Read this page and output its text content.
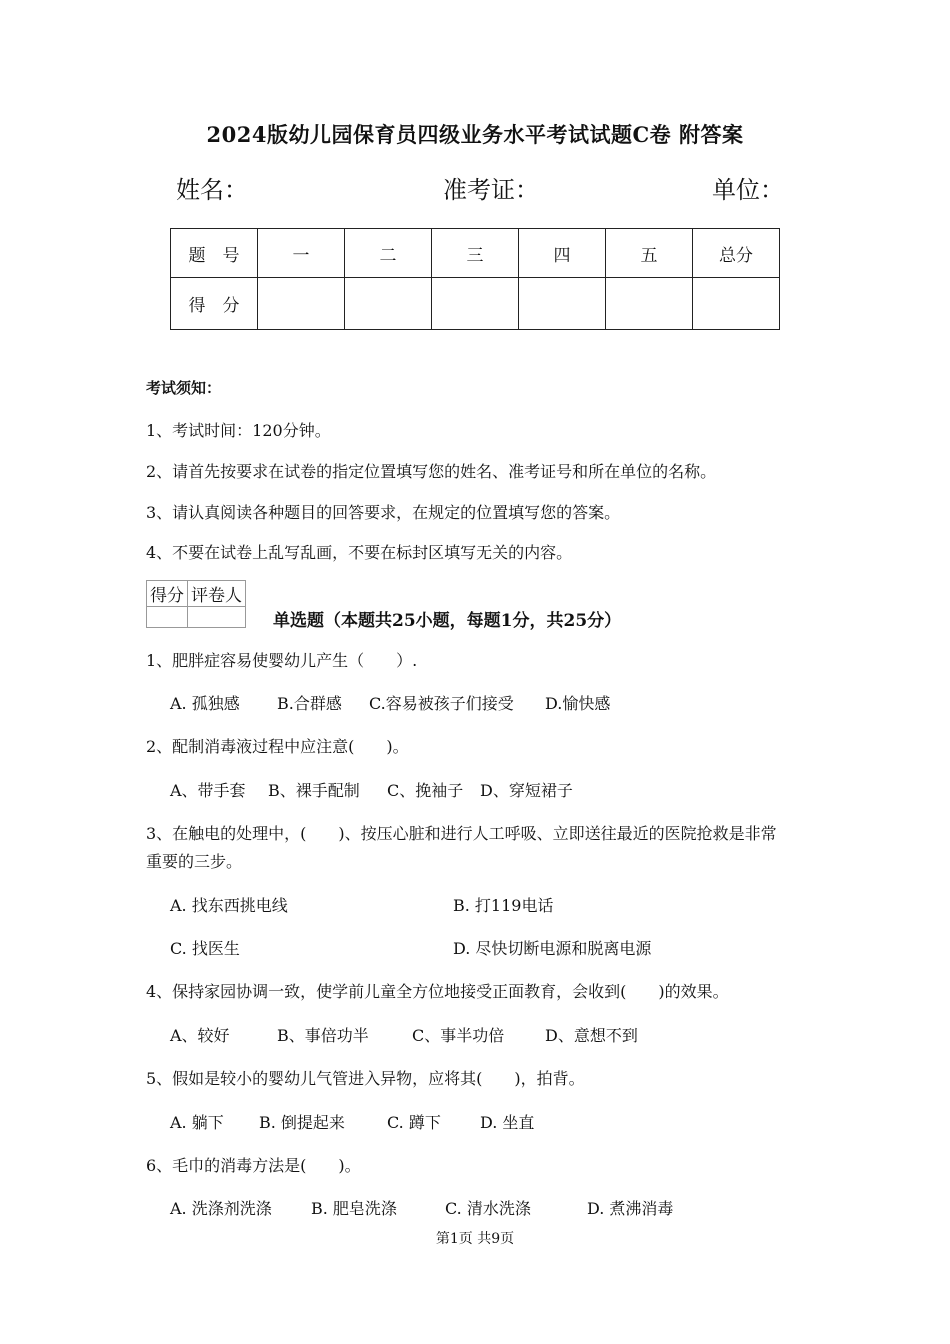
2024版幼儿园保育员四级业务水平考试试题C卷 附答案
姓名：	准考证：	单位：
题　号	一	二	三	四	五	总分
得　分						
考试须知：
1、考试时间：120分钟。
2、请首先按要求在试卷的指定位置填写您的姓名、准考证号和所在单位的名称。
3、请认真阅读各种题目的回答要求，在规定的位置填写您的答案。
4、不要在试卷上乱写乱画，不要在标封区填写无关的内容。
得分	评卷人

单选题（本题共25小题，每题1分，共25分）
1、肥胖症容易使婴幼儿产生（　　）.
A. 孤独感 B.合群感 C.容易被孩子们接受 D.愉快感
2、配制消毒液过程中应注意(　　)。
A、带手套 B、裸手配制 C、挽袖子 D、穿短裙子
3、在触电的处理中，(　　)、按压心脏和进行人工呼吸、立即送往最近的医院抢救是非常
重要的三步。
A. 找东西挑电线	B. 打119电话
C. 找医生	D. 尽快切断电源和脱离电源
4、保持家园协调一致，使学前儿童全方位地接受正面教育，会收到(　　)的效果。
A、较好	B、事倍功半	C、事半功倍	D、意想不到
5、假如是较小的婴幼儿气管进入异物，应将其(　　)，拍背。
A. 躺下 B. 倒提起来	C. 蹲下 D. 坐直
6、毛巾的消毒方法是(　　)。
A. 洗涤剂洗涤 B. 肥皂洗涤	C. 清水洗涤	D. 煮沸消毒
第1页 共9页
